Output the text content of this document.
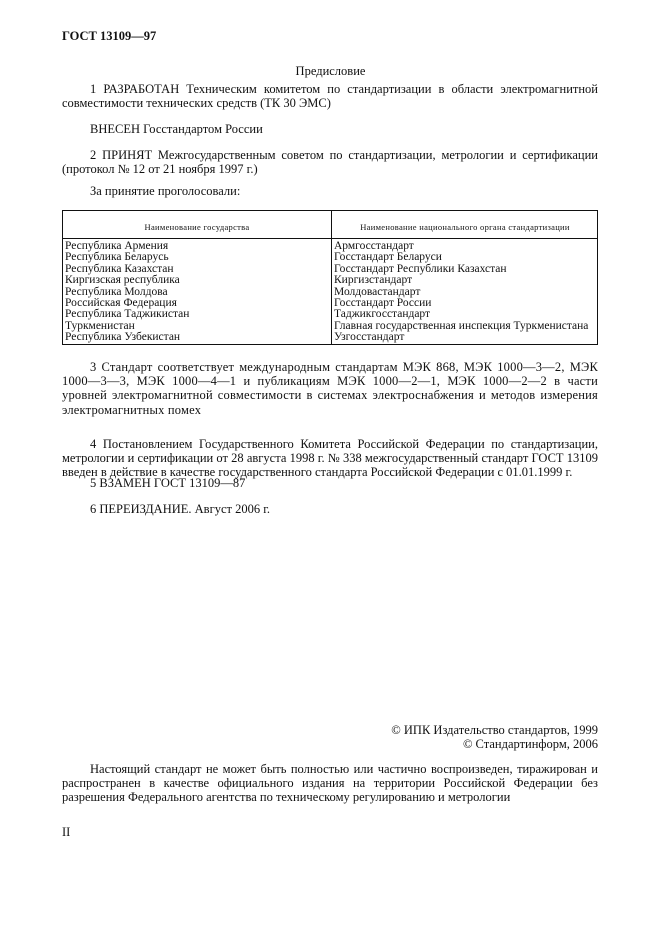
ГОСТ 13109—97
Предисловие
1 РАЗРАБОТАН Техническим комитетом по стандартизации в области электромагнитной совместимости технических средств (ТК 30 ЭМС)
ВНЕСЕН Госстандартом России
2 ПРИНЯТ Межгосударственным советом по стандартизации, метрологии и сертификации (протокол № 12 от 21 ноября 1997 г.)
За принятие проголосовали:
Наименование государства	Наименование национального органа стандартизации
Республика Армения
Республика Беларусь
Республика Казахстан
Киргизская республика
Республика Молдова
Российская Федерация
Республика Таджикистан
Туркменистан
Республика Узбекистан
Армгосстандарт
Госстандарт Беларуси
Госстандарт Республики Казахстан
Киргизстандарт
Молдовастандарт
Госстандарт России
Таджикгосстандарт
Главная государственная инспекция Туркменистана
Узгосстандарт
3 Стандарт соответствует международным стандартам МЭК 868, МЭК 1000—3—2, МЭК 1000—3—3, МЭК 1000—4—1 и публикациям МЭК 1000—2—1, МЭК 1000—2—2 в части уровней электромагнитной совместимости в системах электроснабжения и методов измерения электромагнитных помех
4 Постановлением Государственного Комитета Российской Федерации по стандартизации, метрологии и сертификации от 28 августа 1998 г. № 338 межгосударственный стандарт ГОСТ 13109 введен в действие в качестве государственного стандарта Российской Федерации с 01.01.1999 г.
5 ВЗАМЕН ГОСТ 13109—87
6 ПЕРЕИЗДАНИЕ. Август 2006 г.
© ИПК Издательство стандартов, 1999
© Стандартинформ, 2006
Настоящий стандарт не может быть полностью или частично воспроизведен, тиражирован и распространен в качестве официального издания на территории Российской Федерации без разрешения Федерального агентства по техническому регулированию и метрологии
II
